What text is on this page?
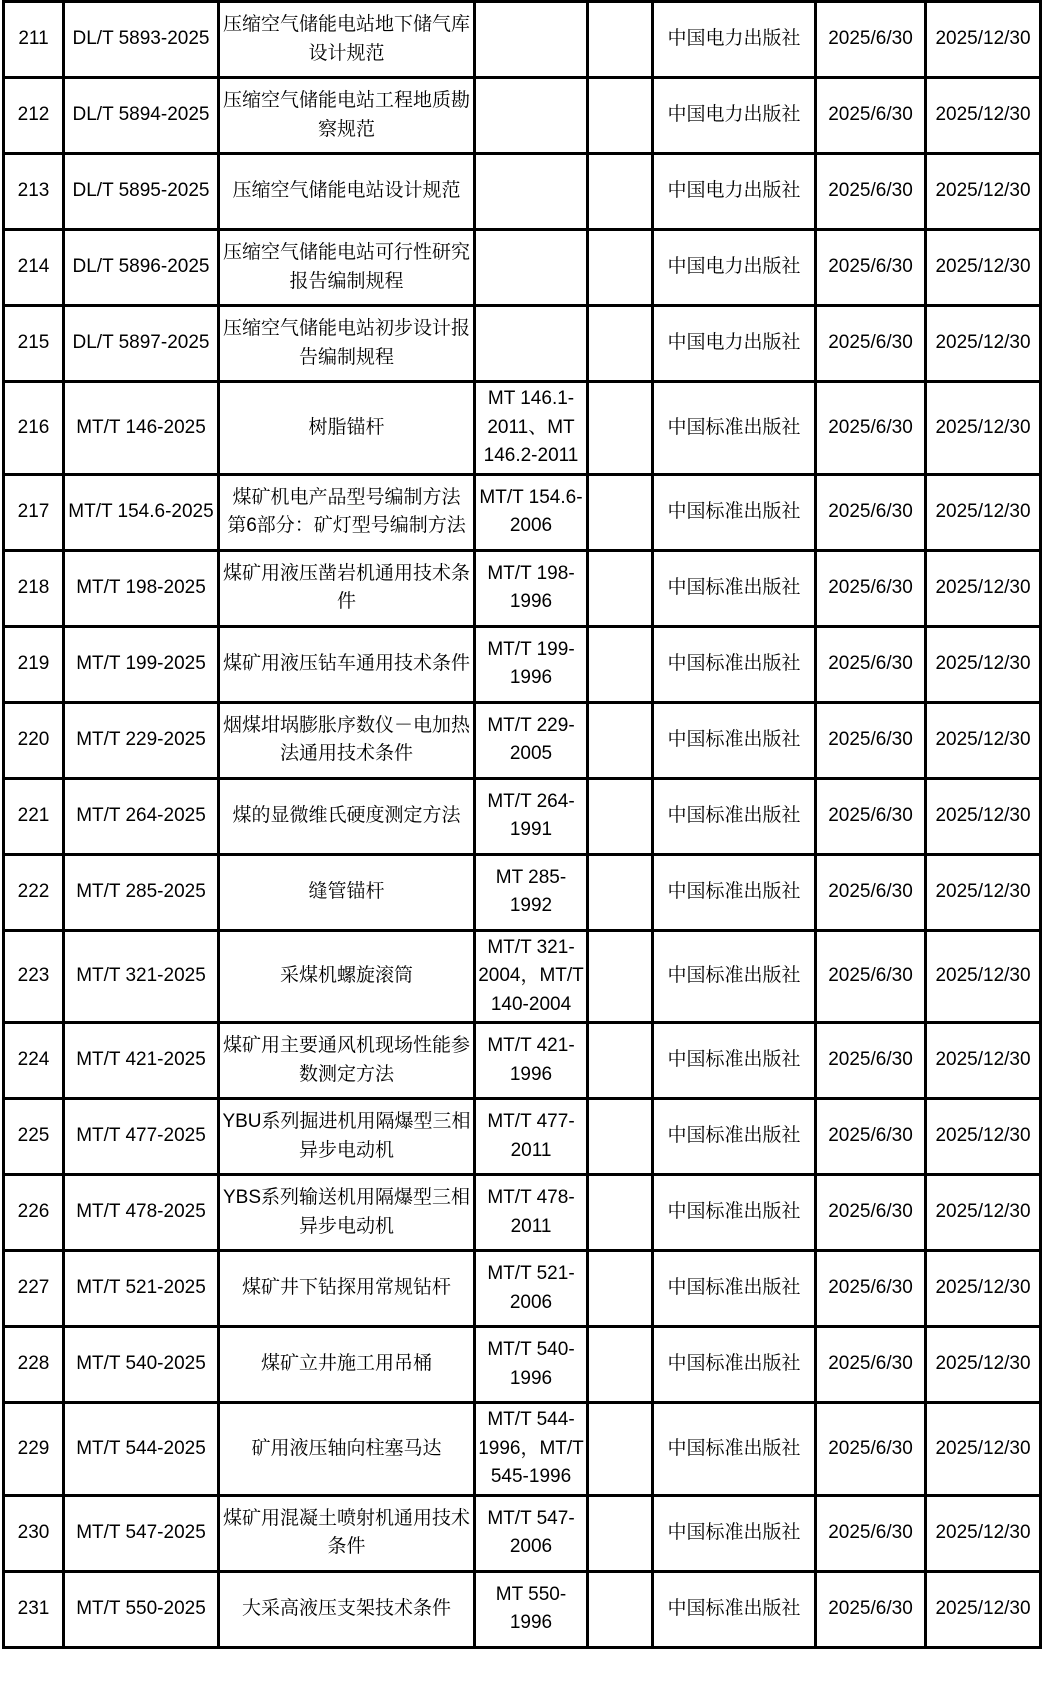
211	DL/T 5893-2025	压缩空气储能电站地下储气库设计规范			中国电力出版社	2025/6/30	2025/12/30
212	DL/T 5894-2025	压缩空气储能电站工程地质勘察规范			中国电力出版社	2025/6/30	2025/12/30
213	DL/T 5895-2025	压缩空气储能电站设计规范			中国电力出版社	2025/6/30	2025/12/30
214	DL/T 5896-2025	压缩空气储能电站可行性研究报告编制规程			中国电力出版社	2025/6/30	2025/12/30
215	DL/T 5897-2025	压缩空气储能电站初步设计报告编制规程			中国电力出版社	2025/6/30	2025/12/30
216	MT/T 146-2025	树脂锚杆	MT 146.1-2011、MT 146.2-2011		中国标准出版社	2025/6/30	2025/12/30
217	MT/T 154.6-2025	煤矿机电产品型号编制方法 第6部分：矿灯型号编制方法	MT/T 154.6-2006		中国标准出版社	2025/6/30	2025/12/30
218	MT/T 198-2025	煤矿用液压凿岩机通用技术条件	MT/T 198-1996		中国标准出版社	2025/6/30	2025/12/30
219	MT/T 199-2025	煤矿用液压钻车通用技术条件	MT/T 199-1996		中国标准出版社	2025/6/30	2025/12/30
220	MT/T 229-2025	烟煤坩埚膨胀序数仪－电加热法通用技术条件	MT/T 229-2005		中国标准出版社	2025/6/30	2025/12/30
221	MT/T 264-2025	煤的显微维氏硬度测定方法	MT/T 264-1991		中国标准出版社	2025/6/30	2025/12/30
222	MT/T 285-2025	缝管锚杆	MT 285-1992		中国标准出版社	2025/6/30	2025/12/30
223	MT/T 321-2025	采煤机螺旋滚筒	MT/T 321-2004，MT/T 140-2004		中国标准出版社	2025/6/30	2025/12/30
224	MT/T 421-2025	煤矿用主要通风机现场性能参数测定方法	MT/T 421-1996		中国标准出版社	2025/6/30	2025/12/30
225	MT/T 477-2025	YBU系列掘进机用隔爆型三相异步电动机	MT/T 477-2011		中国标准出版社	2025/6/30	2025/12/30
226	MT/T 478-2025	YBS系列输送机用隔爆型三相异步电动机	MT/T 478-2011		中国标准出版社	2025/6/30	2025/12/30
227	MT/T 521-2025	煤矿井下钻探用常规钻杆	MT/T 521-2006		中国标准出版社	2025/6/30	2025/12/30
228	MT/T 540-2025	煤矿立井施工用吊桶	MT/T 540-1996		中国标准出版社	2025/6/30	2025/12/30
229	MT/T 544-2025	矿用液压轴向柱塞马达	MT/T 544-1996，MT/T 545-1996		中国标准出版社	2025/6/30	2025/12/30
230	MT/T 547-2025	煤矿用混凝土喷射机通用技术条件	MT/T 547-2006		中国标准出版社	2025/6/30	2025/12/30
231	MT/T 550-2025	大采高液压支架技术条件	MT 550-1996		中国标准出版社	2025/6/30	2025/12/30
